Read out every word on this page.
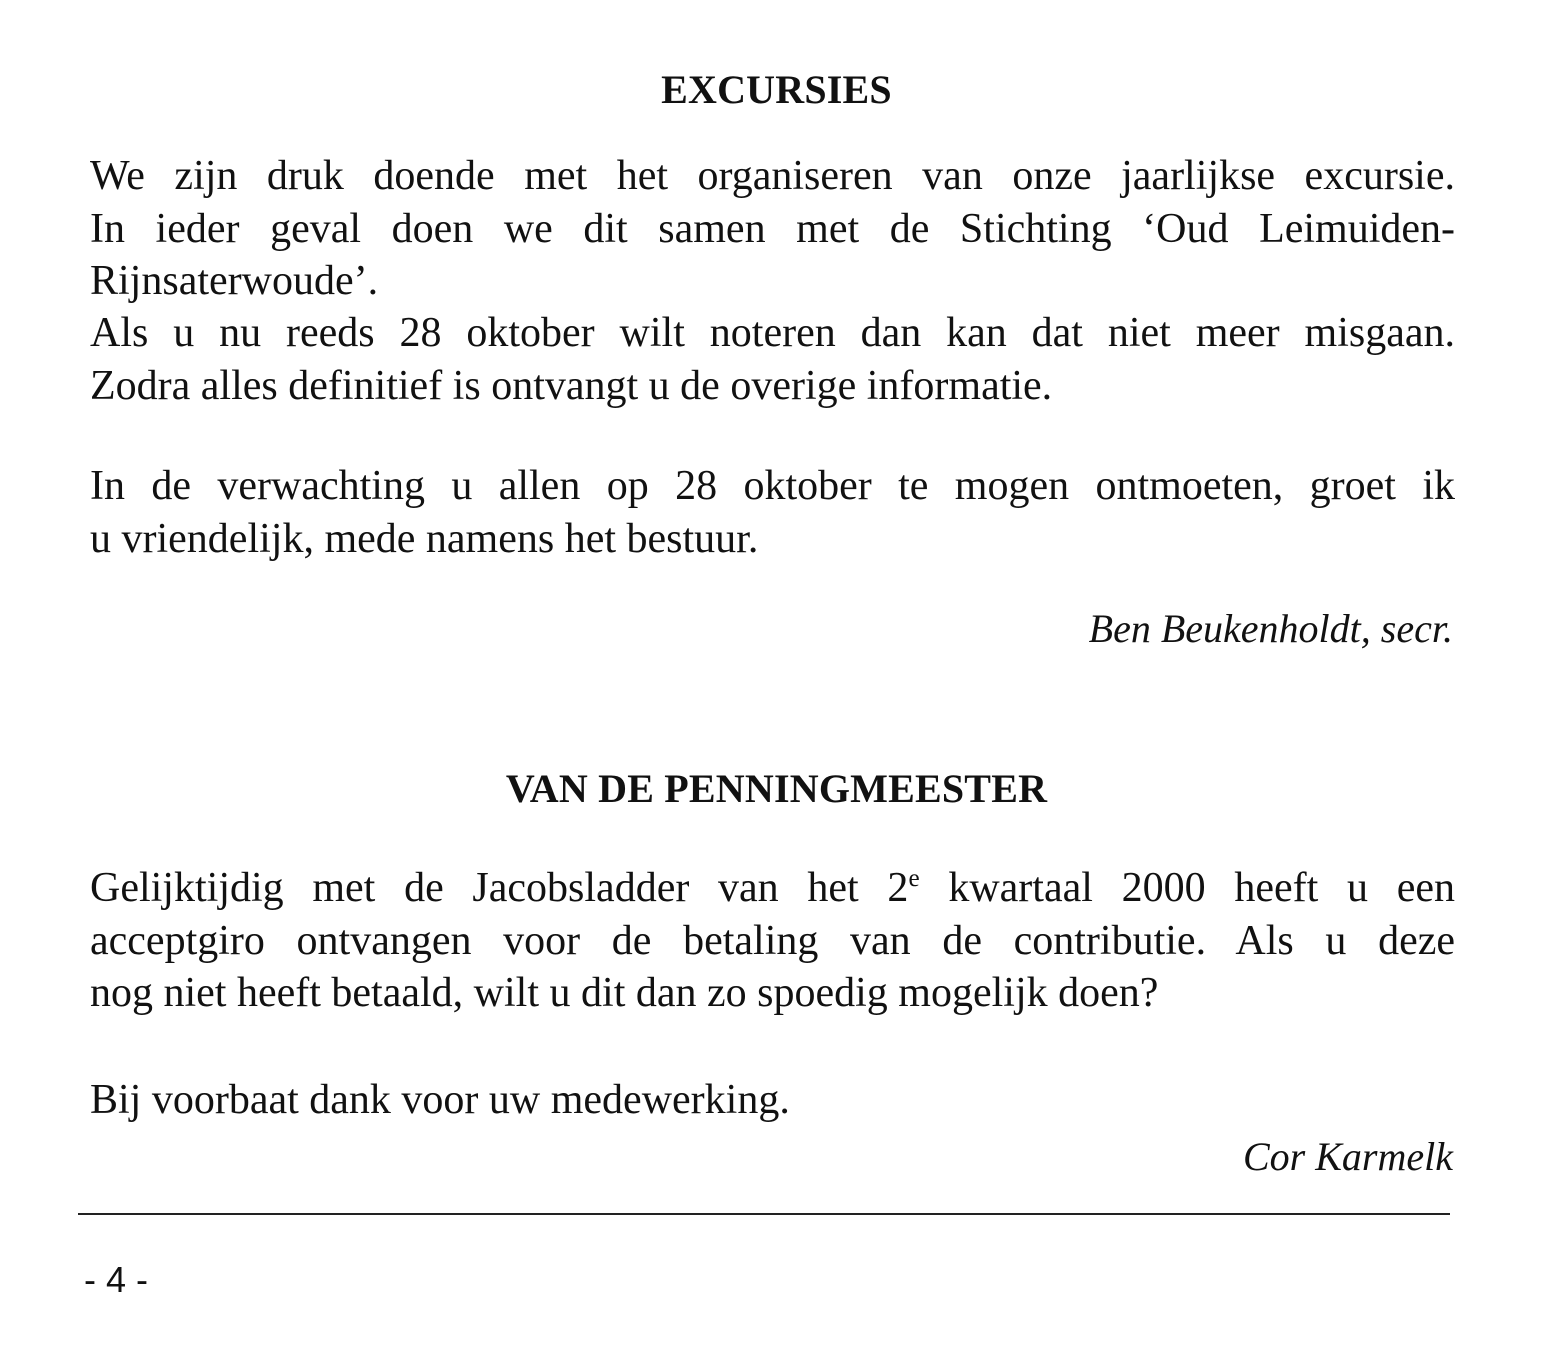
EXCURSIES
We zijn druk doende met het organiseren van onze jaarlijkse excursie.
In ieder geval doen we dit samen met de Stichting ‘Oud Leimuiden-
Rijnsaterwoude’.
Als u nu reeds 28 oktober wilt noteren dan kan dat niet meer misgaan.
Zodra alles definitief is ontvangt u de overige informatie.
In de verwachting u allen op 28 oktober te mogen ontmoeten, groet ik
u vriendelijk, mede namens het bestuur.
Ben Beukenholdt, secr.
VAN DE PENNINGMEESTER
Gelijktijdig met de Jacobsladder van het 2e kwartaal 2000 heeft u een
acceptgiro ontvangen voor de betaling van de contributie. Als u deze
nog niet heeft betaald, wilt u dit dan zo spoedig mogelijk doen?
Bij voorbaat dank voor uw medewerking.
Cor Karmelk
- 4 -
